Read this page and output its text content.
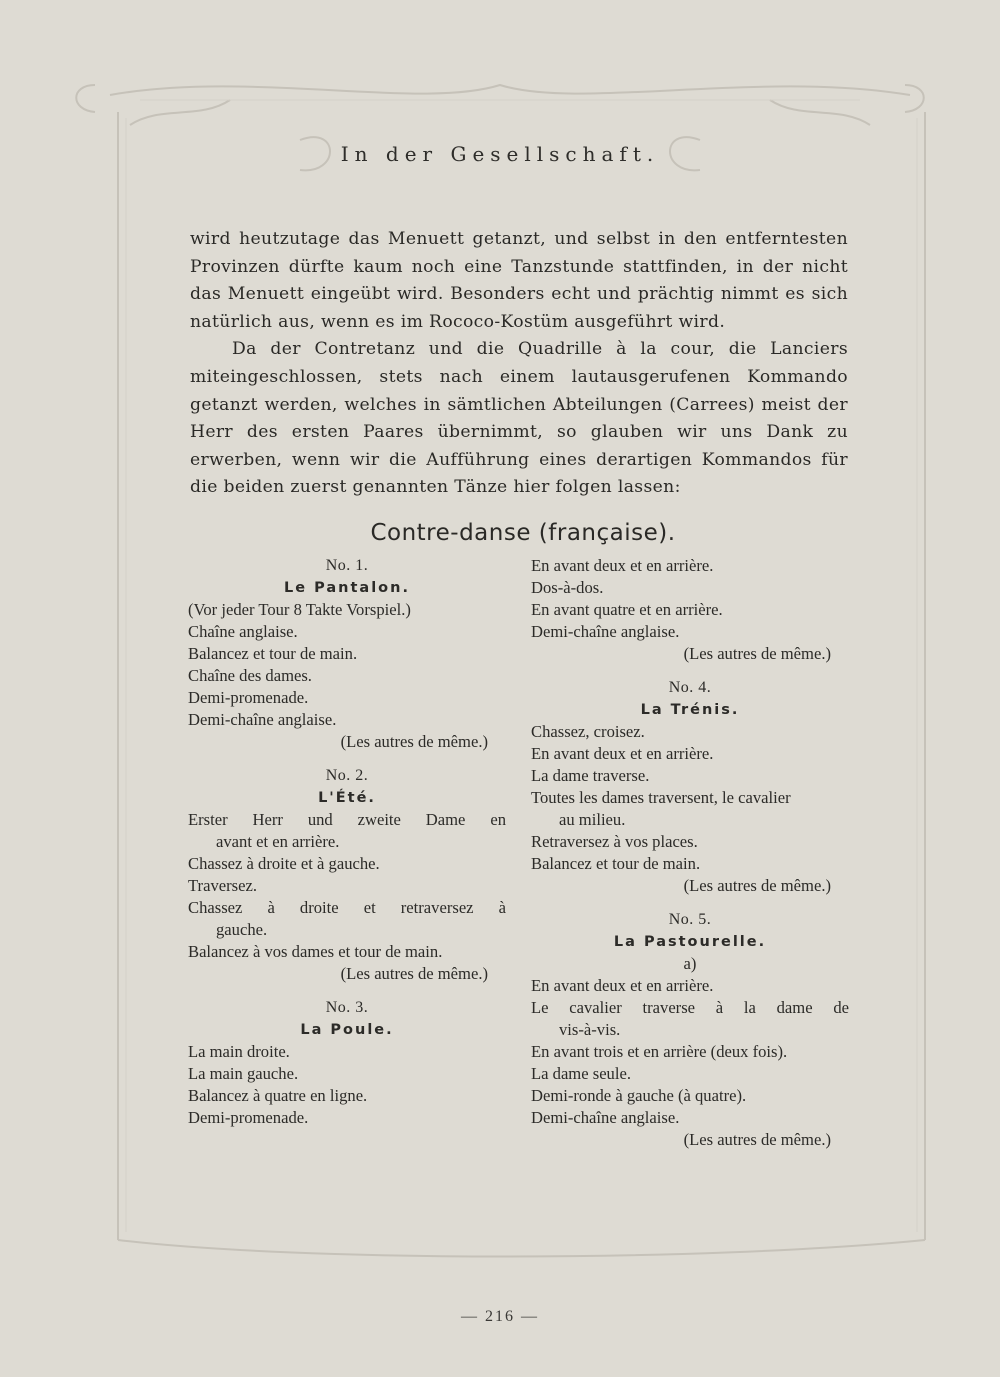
In der Gesellschaft.

wird heutzutage das Menuett getanzt, und selbst in den entferntesten Provinzen dürfte kaum noch eine Tanzstunde stattfinden, in der nicht das Menuett eingeübt wird. Besonders echt und prächtig nimmt es sich natürlich aus, wenn es im Rococo-Kostüm ausgeführt wird.

Da der Contretanz und die Quadrille à la cour, die Lanciers miteingeschlossen, stets nach einem lautausgerufenen Kommando getanzt werden, welches in sämtlichen Abteilungen (Carrees) meist der Herr des ersten Paares übernimmt, so glauben wir uns Dank zu erwerben, wenn wir die Aufführung eines derartigen Kommandos für die beiden zuerst genannten Tänze hier folgen lassen:

Contre-danse (française).
No. 1.
Le Pantalon.
(Vor jeder Tour 8 Takte Vorspiel.)
Chaîne anglaise.
Balancez et tour de main.
Chaîne des dames.
Demi-promenade.
Demi-chaîne anglaise.
(Les autres de même.)
No. 2.
L'Été.
Erster Herr und zweite Dame en
avant et en arrière.
Chassez à droite et à gauche.
Traversez.
Chassez à droite et retraversez à
gauche.
Balancez à vos dames et tour de main.
(Les autres de même.)
No. 3.
La Poule.
La main droite.
La main gauche.
Balancez à quatre en ligne.
Demi-promenade.
En avant deux et en arrière.
Dos-à-dos.
En avant quatre et en arrière.
Demi-chaîne anglaise.
(Les autres de même.)
No. 4.
La Trénis.
Chassez, croisez.
En avant deux et en arrière.
La dame traverse.
Toutes les dames traversent, le cavalier
au milieu.
Retraversez à vos places.
Balancez et tour de main.
(Les autres de même.)
No. 5.
La Pastourelle.
a)
En avant deux et en arrière.
Le cavalier traverse à la dame de
vis-à-vis.
En avant trois et en arrière (deux fois).
La dame seule.
Demi-ronde à gauche (à quatre).
Demi-chaîne anglaise.
(Les autres de même.)
— 216 —
